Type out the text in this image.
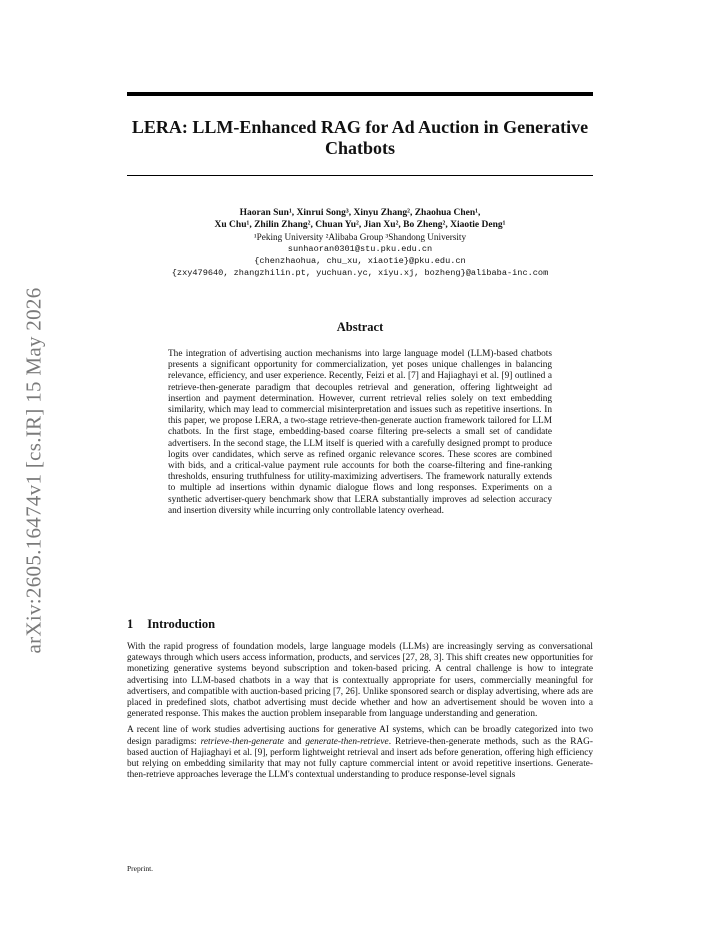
arXiv:2605.16474v1 [cs.IR] 15 May 2026
LERA: LLM-Enhanced RAG for Ad Auction in Generative Chatbots
Haoran Sun¹, Xinrui Song³, Xinyu Zhang², Zhaohua Chen¹,
Xu Chu¹, Zhilin Zhang², Chuan Yu², Jian Xu², Bo Zheng², Xiaotie Deng¹
¹Peking University ²Alibaba Group ³Shandong University
sunhaoran0301@stu.pku.edu.cn
{chenzhaohua, chu_xu, xiaotie}@pku.edu.cn
{zxy479640, zhangzhilin.pt, yuchuan.yc, xiyu.xj, bozheng}@alibaba-inc.com
Abstract
The integration of advertising auction mechanisms into large language model (LLM)-based chatbots presents a significant opportunity for commercialization, yet poses unique challenges in balancing relevance, efficiency, and user experience. Recently, Feizi et al. [7] and Hajiaghayi et al. [9] outlined a retrieve-then-generate paradigm that decouples retrieval and generation, offering lightweight ad insertion and payment determination. However, current retrieval relies solely on text embedding similarity, which may lead to commercial misinterpretation and issues such as repetitive insertions. In this paper, we propose LERA, a two-stage retrieve-then-generate auction framework tailored for LLM chatbots. In the first stage, embedding-based coarse filtering pre-selects a small set of candidate advertisers. In the second stage, the LLM itself is queried with a carefully designed prompt to produce logits over candidates, which serve as refined organic relevance scores. These scores are combined with bids, and a critical-value payment rule accounts for both the coarse-filtering and fine-ranking thresholds, ensuring truthfulness for utility-maximizing advertisers. The framework naturally extends to multiple ad insertions within dynamic dialogue flows and long responses. Experiments on a synthetic advertiser-query benchmark show that LERA substantially improves ad selection accuracy and insertion diversity while incurring only controllable latency overhead.
1 Introduction

With the rapid progress of foundation models, large language models (LLMs) are increasingly serving as conversational gateways through which users access information, products, and services [27, 28, 3]. This shift creates new opportunities for monetizing generative systems beyond subscription and token-based pricing. A central challenge is how to integrate advertising into LLM-based chatbots in a way that is contextually appropriate for users, commercially meaningful for advertisers, and compatible with auction-based pricing [7, 26]. Unlike sponsored search or display advertising, where ads are placed in predefined slots, chatbot advertising must decide whether and how an advertisement should be woven into a generated response. This makes the auction problem inseparable from language understanding and generation.

A recent line of work studies advertising auctions for generative AI systems, which can be broadly categorized into two design paradigms: retrieve-then-generate and generate-then-retrieve. Retrieve-then-generate methods, such as the RAG-based auction of Hajiaghayi et al. [9], perform lightweight retrieval and insert ads before generation, offering high efficiency but relying on embedding similarity that may not fully capture commercial intent or avoid repetitive insertions. Generate-then-retrieve approaches leverage the LLM's contextual understanding to produce response-level signals

Preprint.
